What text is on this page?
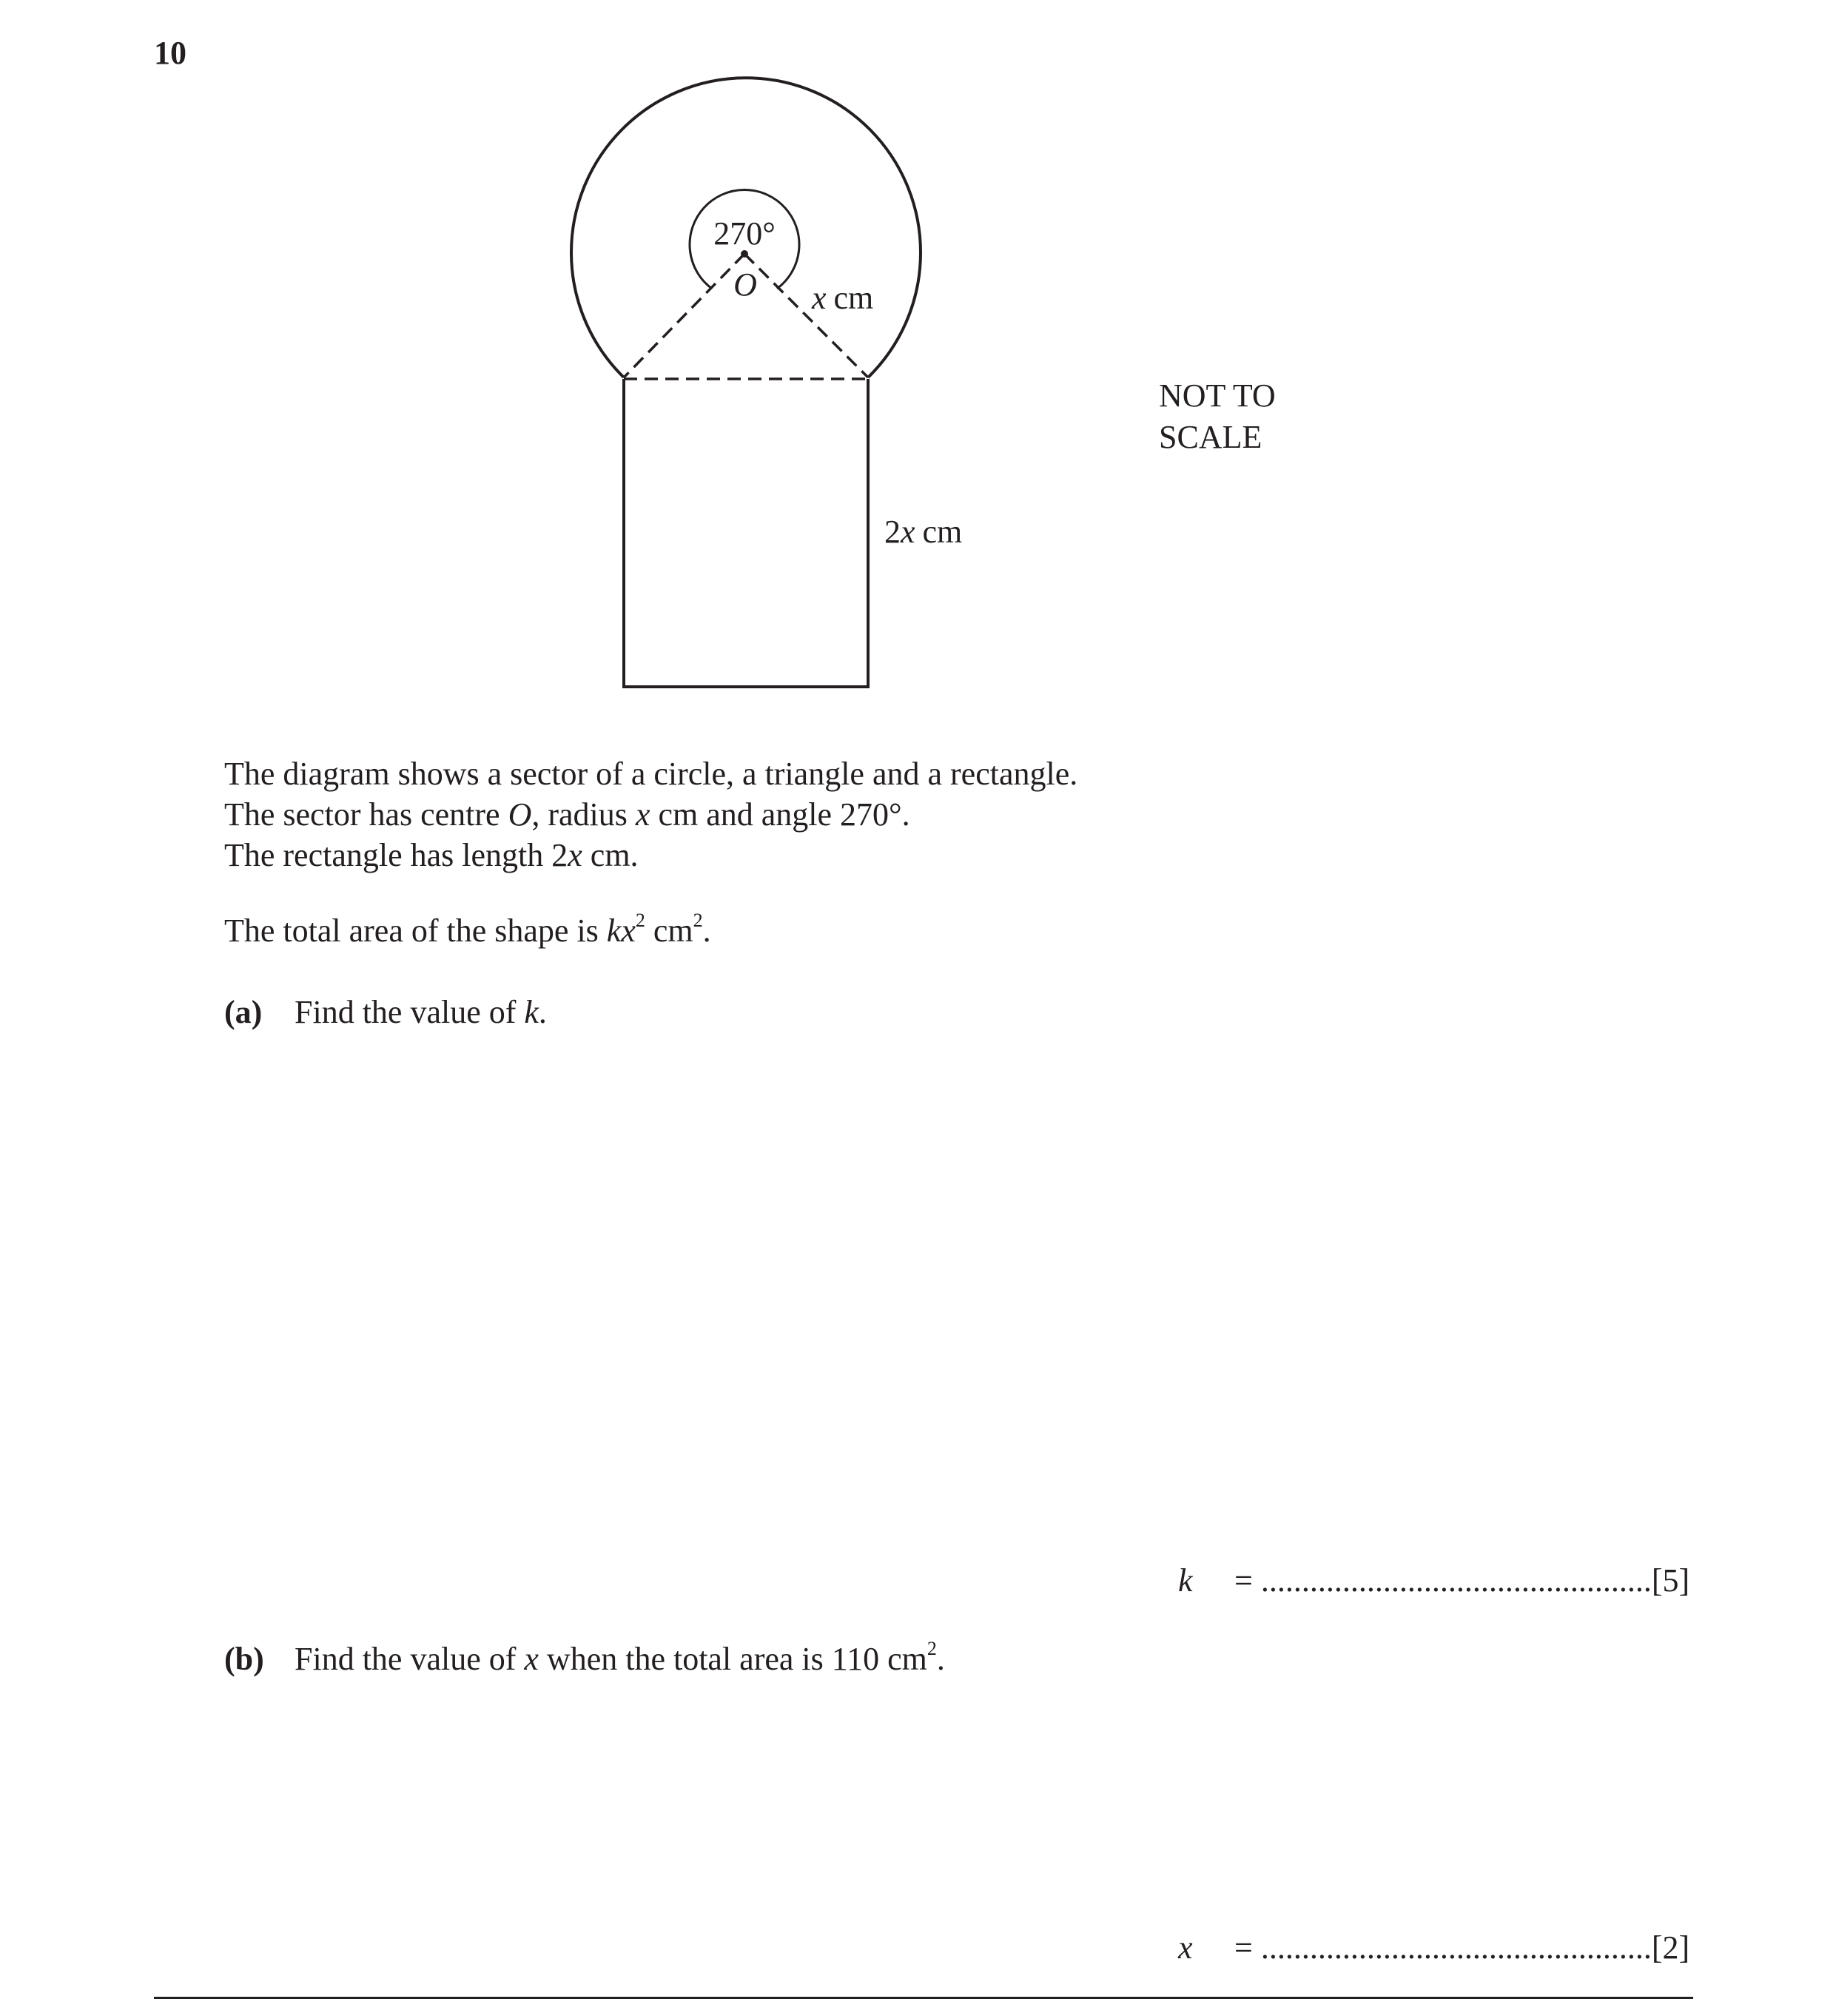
10
270°
O x cm
2x cm
NOT TO
SCALE
The diagram shows a sector of a circle, a triangle and a rectangle.
The sector has centre O, radius x cm and angle 270°.
The rectangle has length 2x cm.
The total area of the shape is $kx^2$ $cm^2$.
(a) Find the value of k.
k = ................................................[5]
(b) Find the value of x when the total area is 110 $cm^2$.
x = ................................................[2]
